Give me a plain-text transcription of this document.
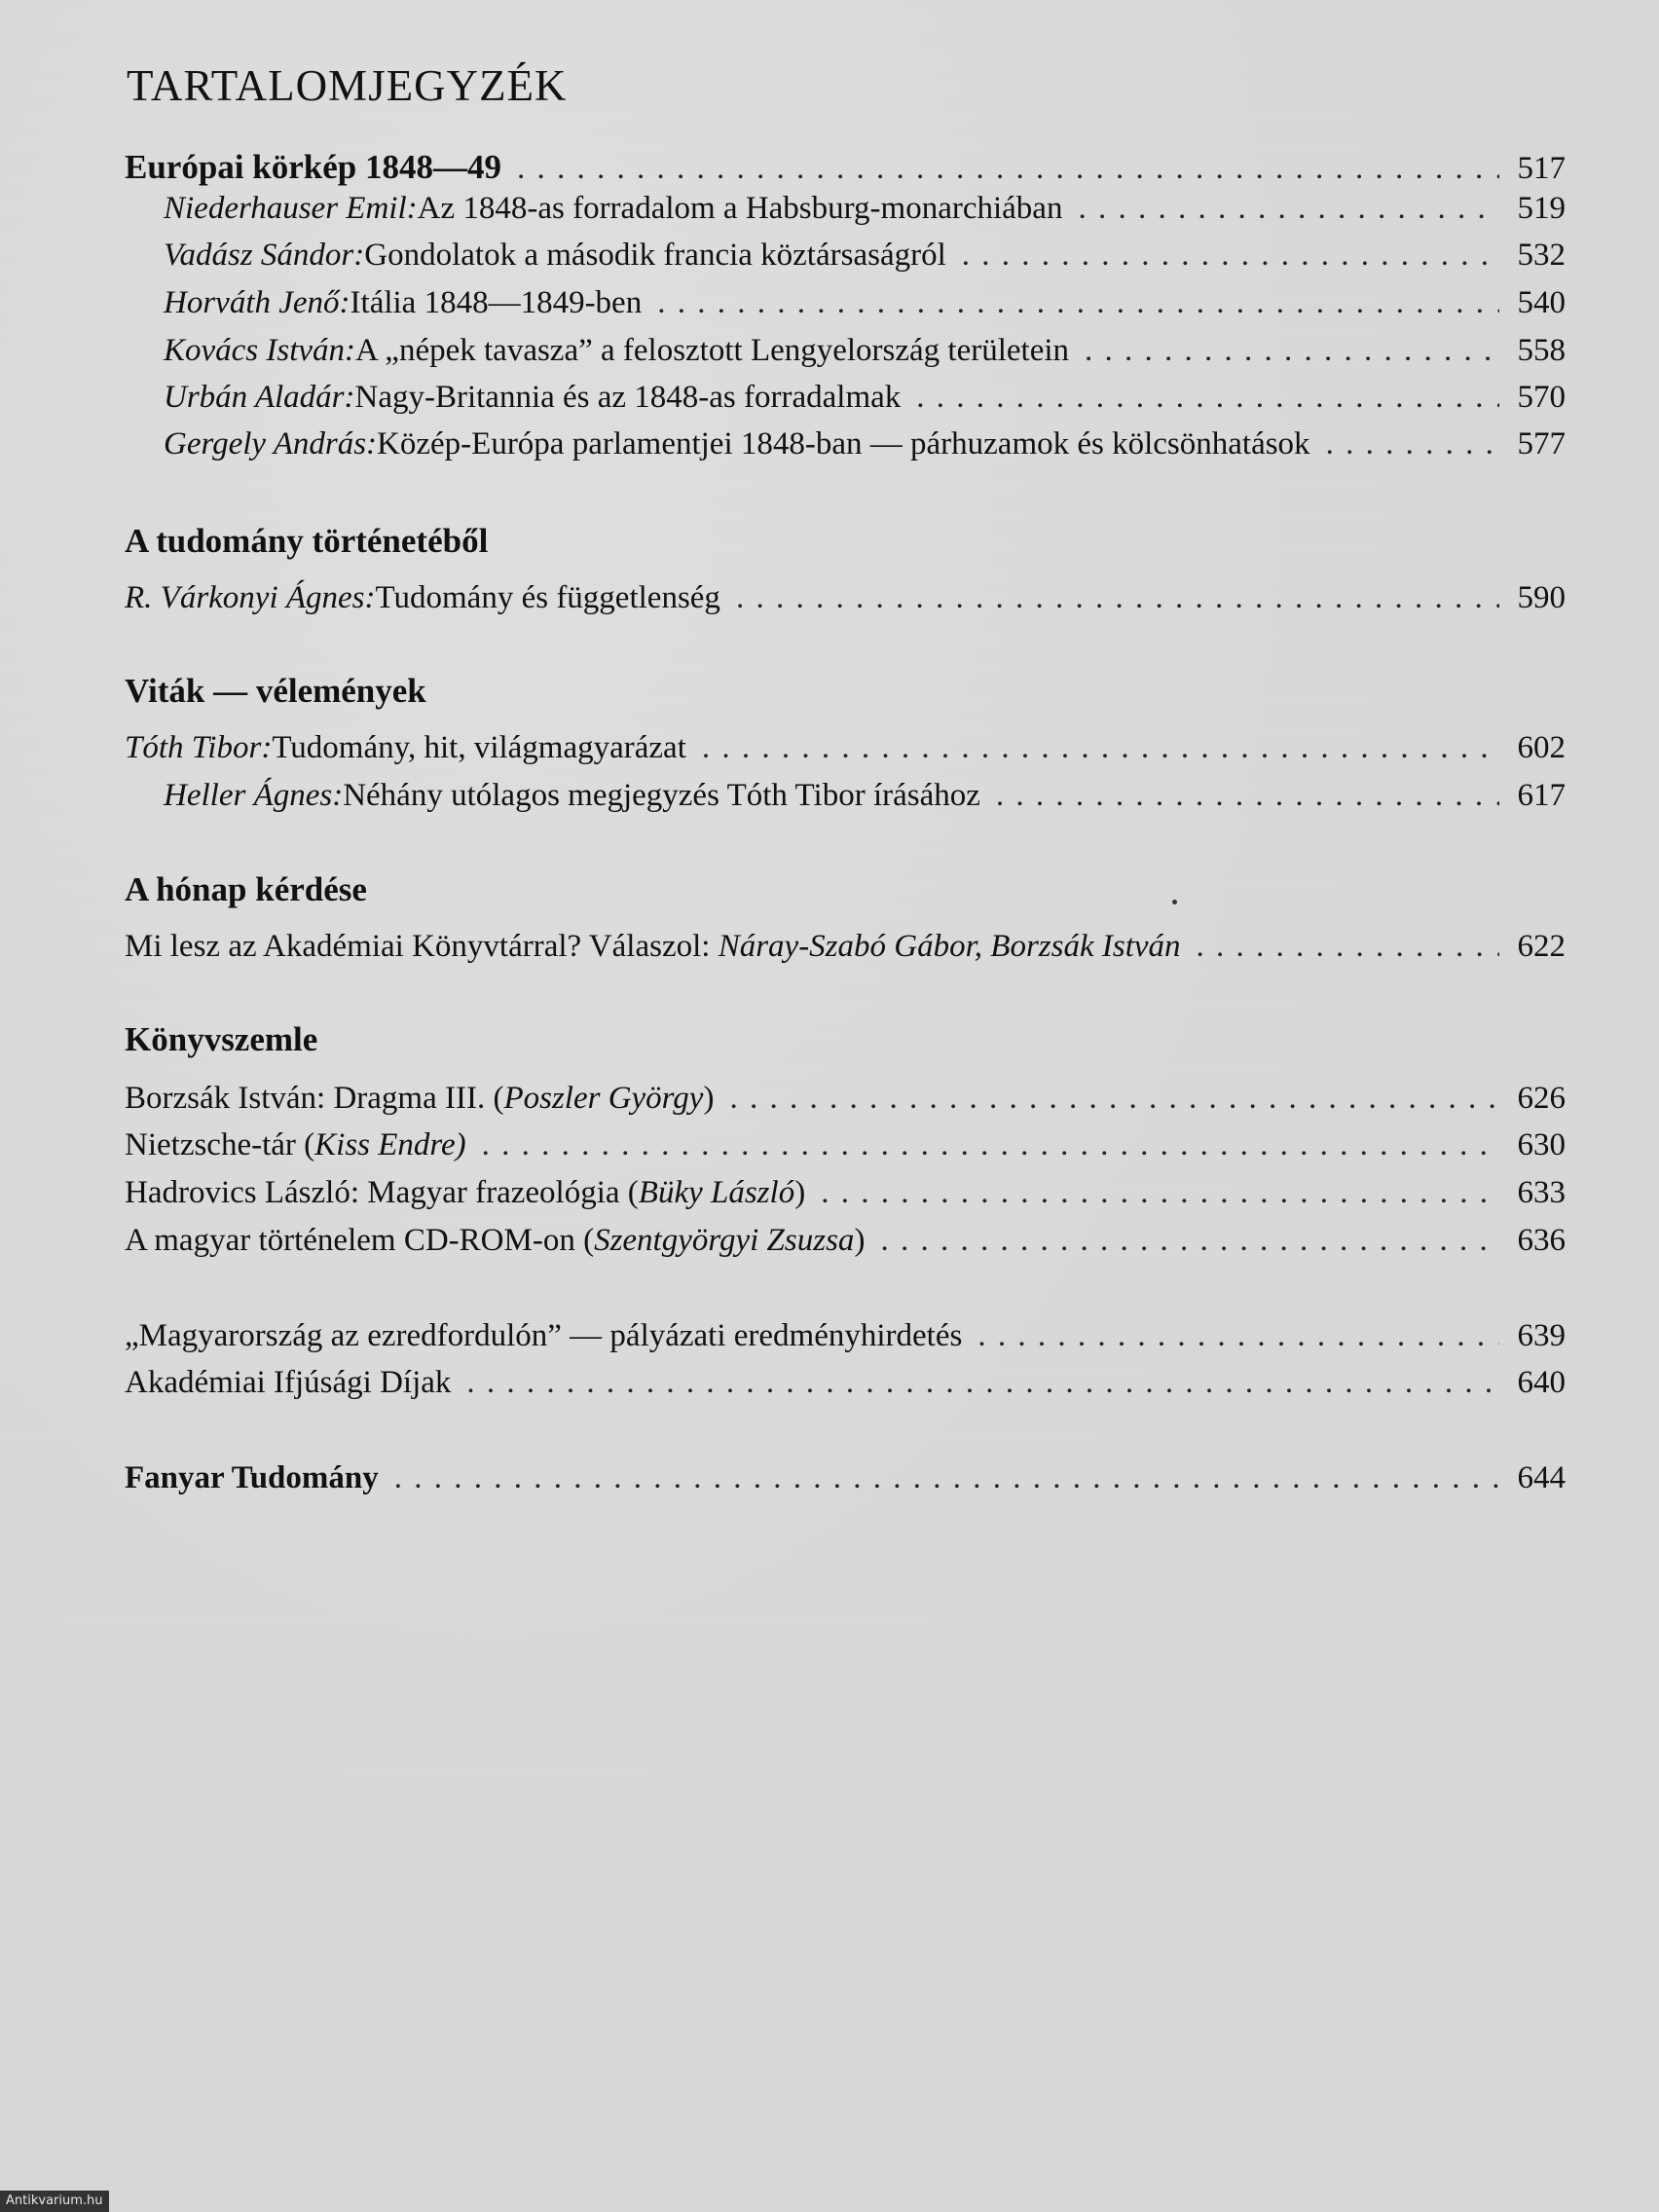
TARTALOMJEGYZÉK
Európai körkép 1848—49 . . .	517
Niederhauser Emil: Az 1848-as forradalom a Habsburg-monarchiában . . .	519
Vadász Sándor: Gondolatok a második francia köztársaságról . . .	532
Horváth Jenő: Itália 1848—1849-ben . . .	540
Kovács István: A „népek tavasza” a felosztott Lengyelország területein . . .	558
Urbán Aladár: Nagy-Britannia és az 1848-as forradalmak . . .	570
Gergely András: Közép-Európa parlamentjei 1848-ban — párhuzamok és kölcsönhatások . . .	577
A tudomány történetéből
R. Várkonyi Ágnes: Tudomány és függetlenség . . .	590
Viták — vélemények
Tóth Tibor: Tudomány, hit, világmagyarázat . . .	602
Heller Ágnes: Néhány utólagos megjegyzés Tóth Tibor írásához . . .	617
A hónap kérdése
Mi lesz az Akadémiai Könyvtárral? Válaszol:
Náray-Szabó Gábor, Borzsák István . . .	622
Könyvszemle
Borzsák István: Dragma III. ( Poszler György ) . . .	626
Nietzsche-tár ( Kiss Endre) . . .	630
Hadrovics László: Magyar frazeológia ( Büky László ) . . .	633
A magyar történelem CD-ROM-on ( Szentgyörgyi Zsuzsa ) . . .	636
„Magyarország az ezredfordulón” — pályázati eredményhirdetés . . .	639
Akadémiai Ifjúsági Díjak . . .	640
Fanyar Tudomány . . .	644
Antikvarium.hu
